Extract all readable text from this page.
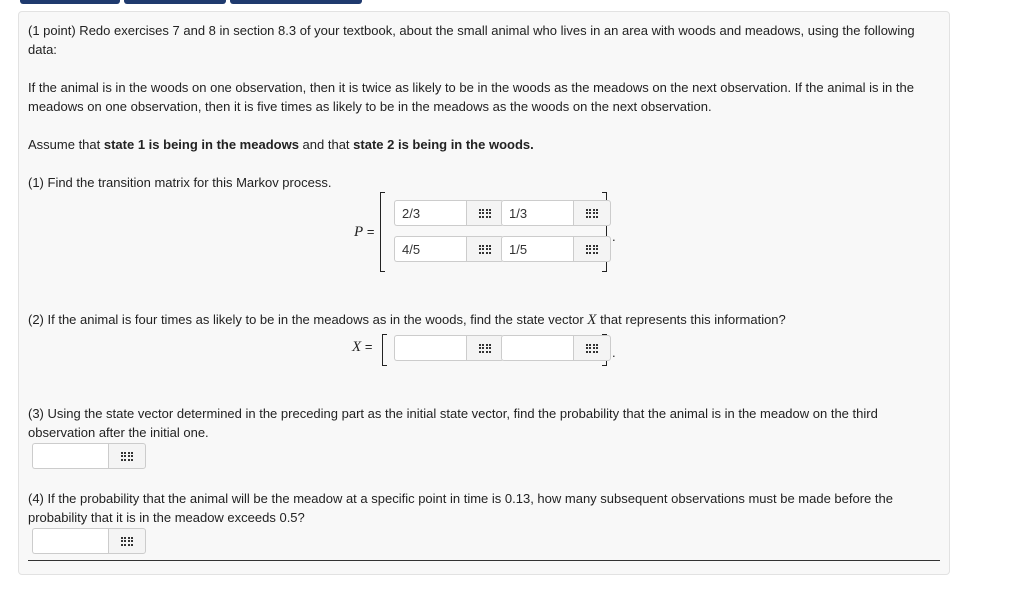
(1 point) Redo exercises 7 and 8 in section 8.3 of your textbook, about the small animal who lives in an area with woods and meadows, using the following data:

If the animal is in the woods on one observation, then it is twice as likely to be in the woods as the meadows on the next observation. If the animal is in the meadows on one observation, then it is five times as likely to be in the meadows as the woods on the next observation.

Assume that state 1 is being in the meadows and that state 2 is being in the woods.

(1) Find the transition matrix for this Markov process.

P =	.
2/3
1/3
4/5
1/5

(2) If the animal is four times as likely to be in the meadows as in the woods, find the state vector X that represents this information?

X =	.

(3) Using the state vector determined in the preceding part as the initial state vector, find the probability that the animal is in the meadow on the third observation after the initial one.

(4) If the probability that the animal will be the meadow at a specific point in time is 0.13, how many subsequent observations must be made before the probability that it is in the meadow exceeds 0.5?
